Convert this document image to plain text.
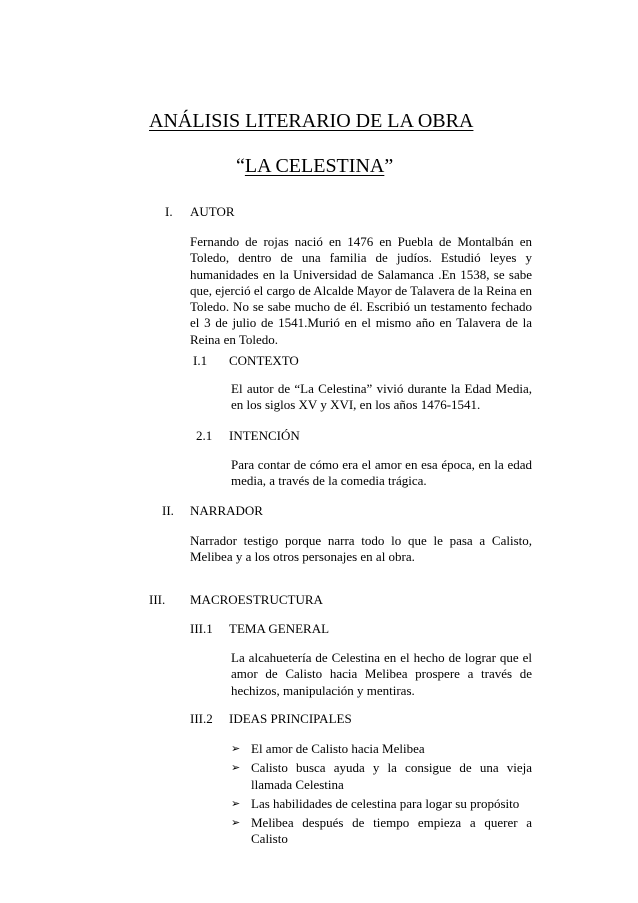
ANÁLISIS LITERARIO DE LA OBRA
“LA CELESTINA”
I. AUTOR
Fernando de rojas nació en 1476 en Puebla de Montalbán en Toledo, dentro de una familia de judíos. Estudió leyes y humanidades en la Universidad de Salamanca .En 1538, se sabe que, ejerció el cargo de Alcalde Mayor de Talavera de la Reina en Toledo. No se sabe mucho de él. Escribió un testamento fechado el 3 de julio de 1541.Murió en el mismo año en Talavera de la Reina en Toledo.
I.1 CONTEXTO
El autor de “La Celestina” vivió durante la Edad Media, en los siglos XV y XVI, en los años 1476-1541.
2.1 INTENCIÓN
Para contar de cómo era el amor en esa época, en la edad media, a través de la comedia trágica.
II. NARRADOR
Narrador testigo porque narra todo lo que le pasa a Calisto, Melibea y a los otros personajes en al obra.
III. MACROESTRUCTURA
III.1 TEMA GENERAL
La alcahuetería de Celestina en el hecho de lograr que el amor de Calisto hacia Melibea prospere a través de hechizos, manipulación y mentiras.
III.2 IDEAS PRINCIPALES
➢ El amor de Calisto hacia Melibea
➢ Calisto busca ayuda y la consigue de una vieja llamada Celestina
➢ Las habilidades de celestina para logar su propósito
➢ Melibea después de tiempo empieza a querer a Calisto
